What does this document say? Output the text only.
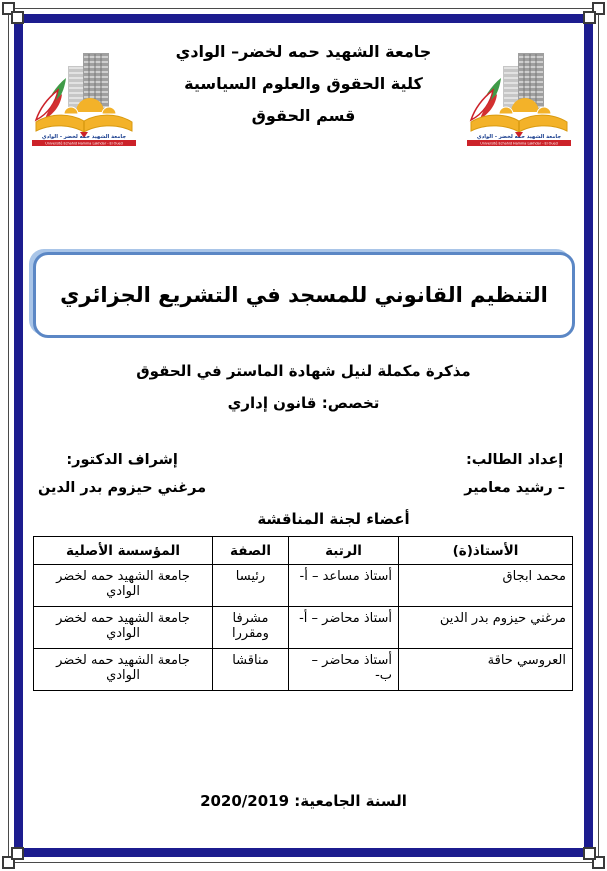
جامعة الشهيد حمه لخضر - الوادي
Université Echahid Hamma Lakhdar - El Oued
جامعة الشهيد حمه لخضر - الوادي
Université Echahid Hamma Lakhdar - El Oued
جامعة الشهيد حمه لخضر– الوادي
كلية الحقوق والعلوم السياسية
قسم الحقوق
التنظيم القانوني للمسجد في التشريع الجزائري
مذكرة مكملة لنيل شهادة الماستر في الحقوق
تخصص: قانون إداري
إعداد الطالب:
– رشيد معامير
إشراف الدكتور:
مرغني حيزوم بدر الدين
أعضاء لجنة المناقشة
الأستاذ(ة)	الرتبة	الصفة	المؤسسة الأصلية
محمد ابجاق	أستاذ مساعد – أ-	رئيسا	جامعة الشهيد حمه لخضر الوادي
مرغني حيزوم بدر الدين	أستاذ محاضر – أ-	مشرفا ومقررا	جامعة الشهيد حمه لخضر الوادي
العروسي حاقة	أستاذ محاضر – ب-	مناقشا	جامعة الشهيد حمه لخضر الوادي
السنة الجامعية: 2020/2019
